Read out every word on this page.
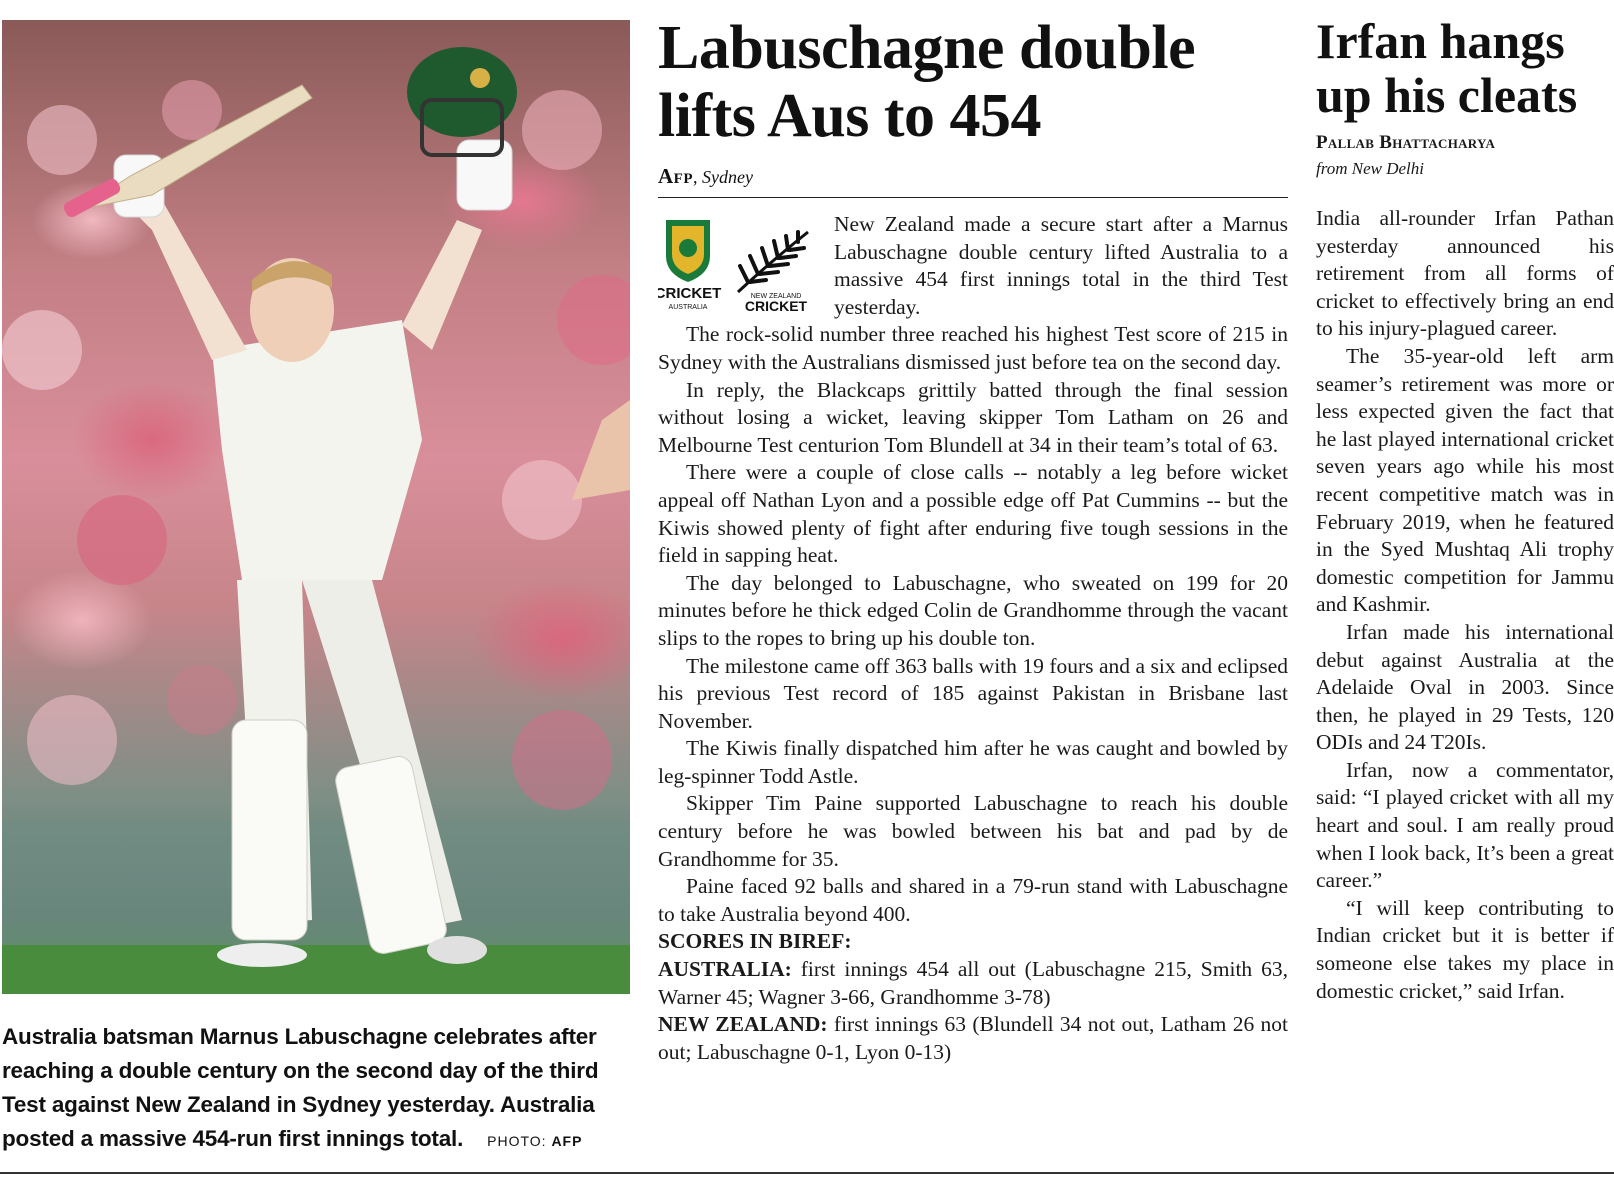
Australia batsman Marnus Labuschagne celebrates after reaching a double century on the second day of the third Test against New Zealand in Sydney yesterday. Australia posted a massive 454-run first innings total. PHOTO: AFP
Labuschagne double lifts Aus to 454
Afp, Sydney
CRICKET
AUSTRALIA
NEW ZEALAND
CRICKET

New Zealand made a secure start after a Marnus Labuschagne double century lifted Australia to a massive 454 first innings total in the third Test yesterday.

The rock-solid number three reached his highest Test score of 215 in Sydney with the Australians dismissed just before tea on the second day.

In reply, the Blackcaps grittily batted through the final session without losing a wicket, leaving skipper Tom Latham on 26 and Melbourne Test centurion Tom Blundell at 34 in their team’s total of 63.

There were a couple of close calls -- notably a leg before wicket appeal off Nathan Lyon and a possible edge off Pat Cummins -- but the Kiwis showed plenty of fight after enduring five tough sessions in the field in sapping heat.

The day belonged to Labuschagne, who sweated on 199 for 20 minutes before he thick edged Colin de Grandhomme through the vacant slips to the ropes to bring up his double ton.

The milestone came off 363 balls with 19 fours and a six and eclipsed his previous Test record of 185 against Pakistan in Brisbane last November.

The Kiwis finally dispatched him after he was caught and bowled by leg-spinner Todd Astle.

Skipper Tim Paine supported Labuschagne to reach his double century before he was bowled between his bat and pad by de Grandhomme for 35.

Paine faced 92 balls and shared in a 79-run stand with Labuschagne to take Australia beyond 400.

SCORES IN BIREF:

AUSTRALIA: first innings 454 all out (Labuschagne 215, Smith 63, Warner 45; Wagner 3-66, Grandhomme 3-78)

NEW ZEALAND: first innings 63 (Blundell 34 not out, Latham 26 not out; Labuschagne 0-1, Lyon 0-13)

Irfan hangs up his cleats
Pallab Bhattacharya
from New Delhi

India all-rounder Irfan Pathan yesterday announced his retirement from all forms of cricket to effectively bring an end to his injury-plagued career.

The 35-year-old left arm seamer’s retirement was more or less expected given the fact that he last played international cricket seven years ago while his most recent competitive match was in February 2019, when he featured in the Syed Mushtaq Ali trophy domestic competition for Jammu and Kashmir.

Irfan made his international debut against Australia at the Adelaide Oval in 2003. Since then, he played in 29 Tests, 120 ODIs and 24 T20Is.

Irfan, now a commentator, said: “I played cricket with all my heart and soul. I am really proud when I look back, It’s been a great career.”

“I will keep contributing to Indian cricket but it is better if someone else takes my place in domestic cricket,” said Irfan.
